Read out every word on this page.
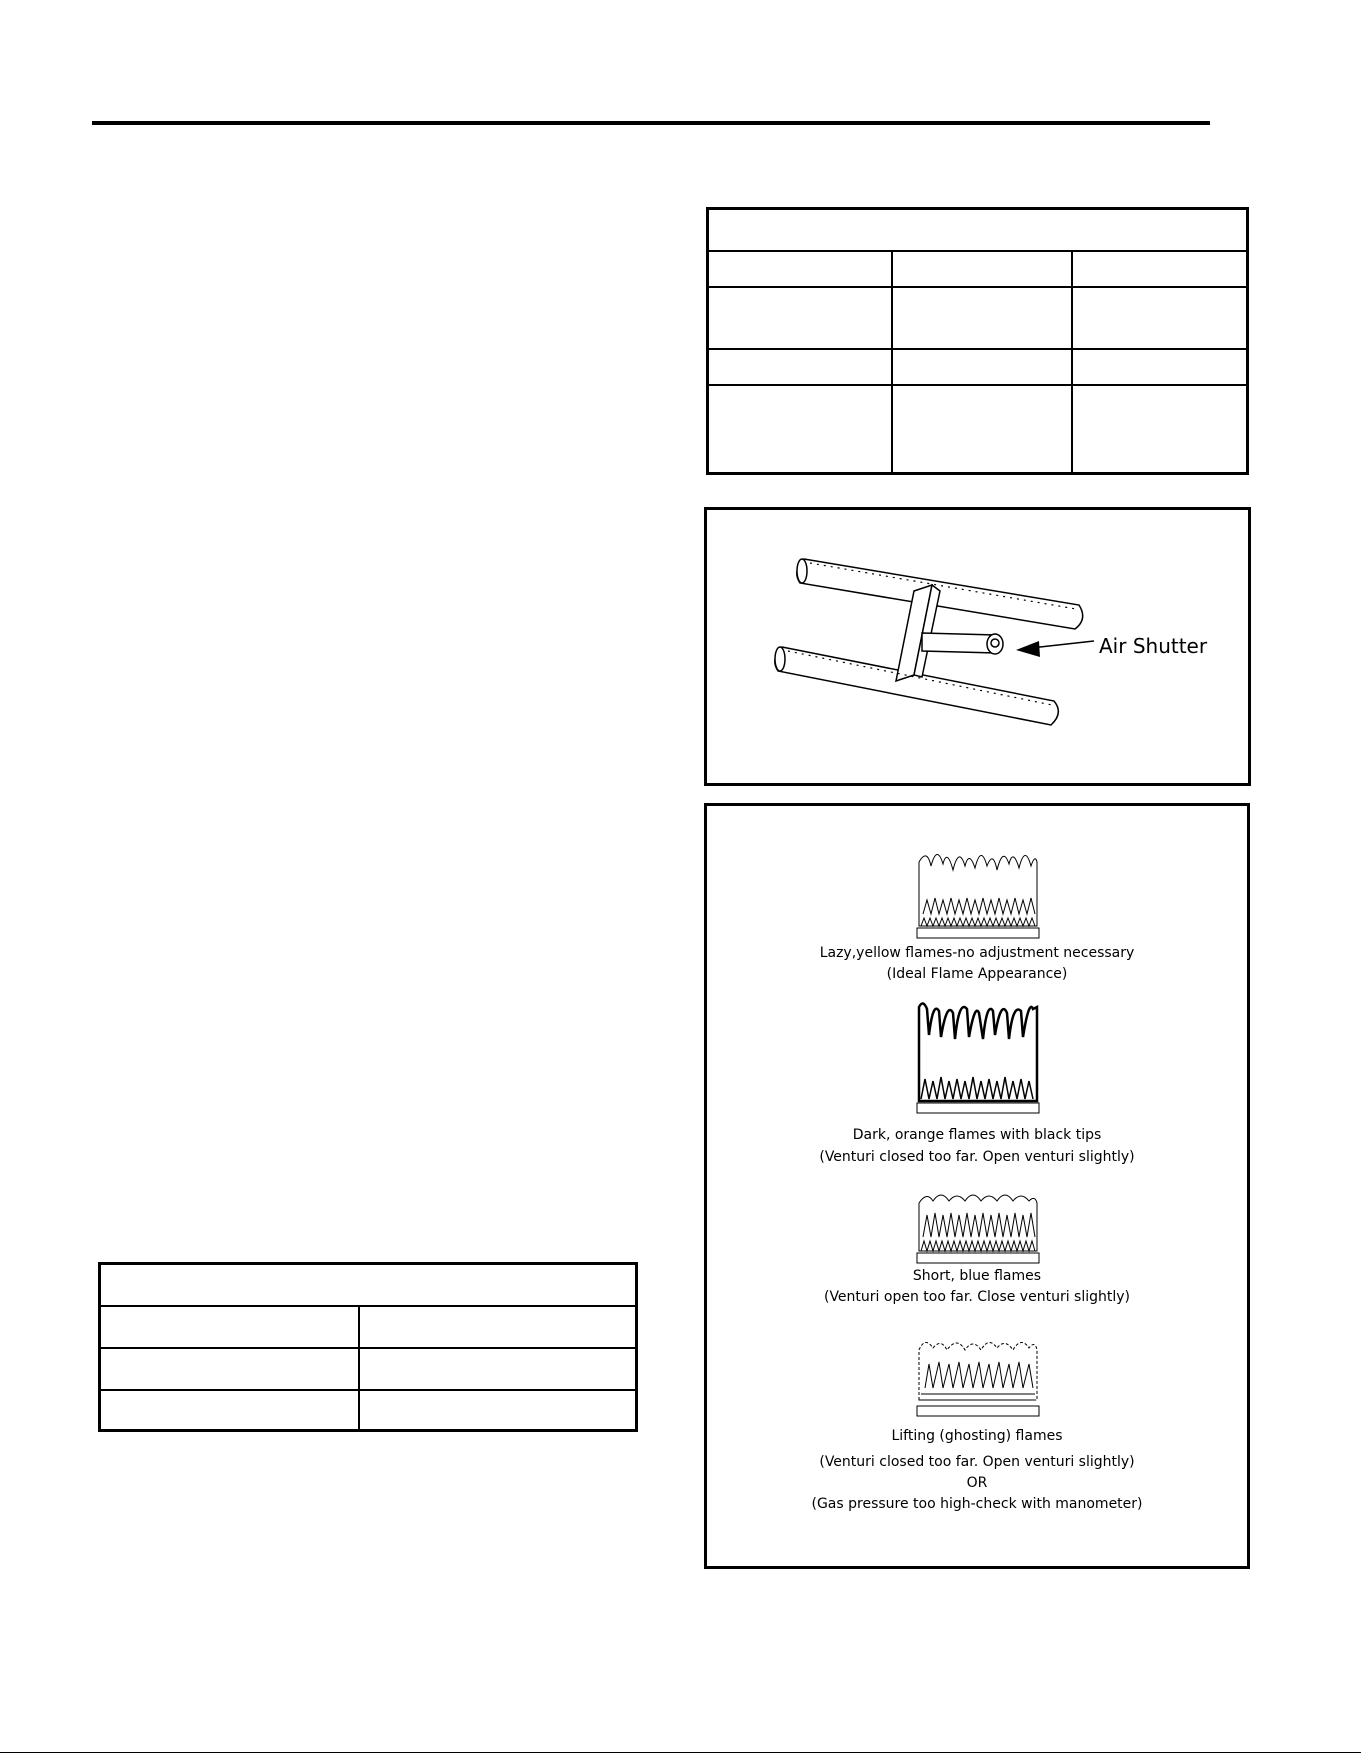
Air Shutter
Lazy,yellow flames-no adjustment necessary
(Ideal Flame Appearance)
Dark, orange flames with black tips
(Venturi closed too far. Open venturi slightly)
Short, blue flames
(Venturi open too far. Close venturi slightly)
Lifting (ghosting) flames
(Venturi closed too far. Open venturi slightly)
OR
(Gas pressure too high-check with manometer)
